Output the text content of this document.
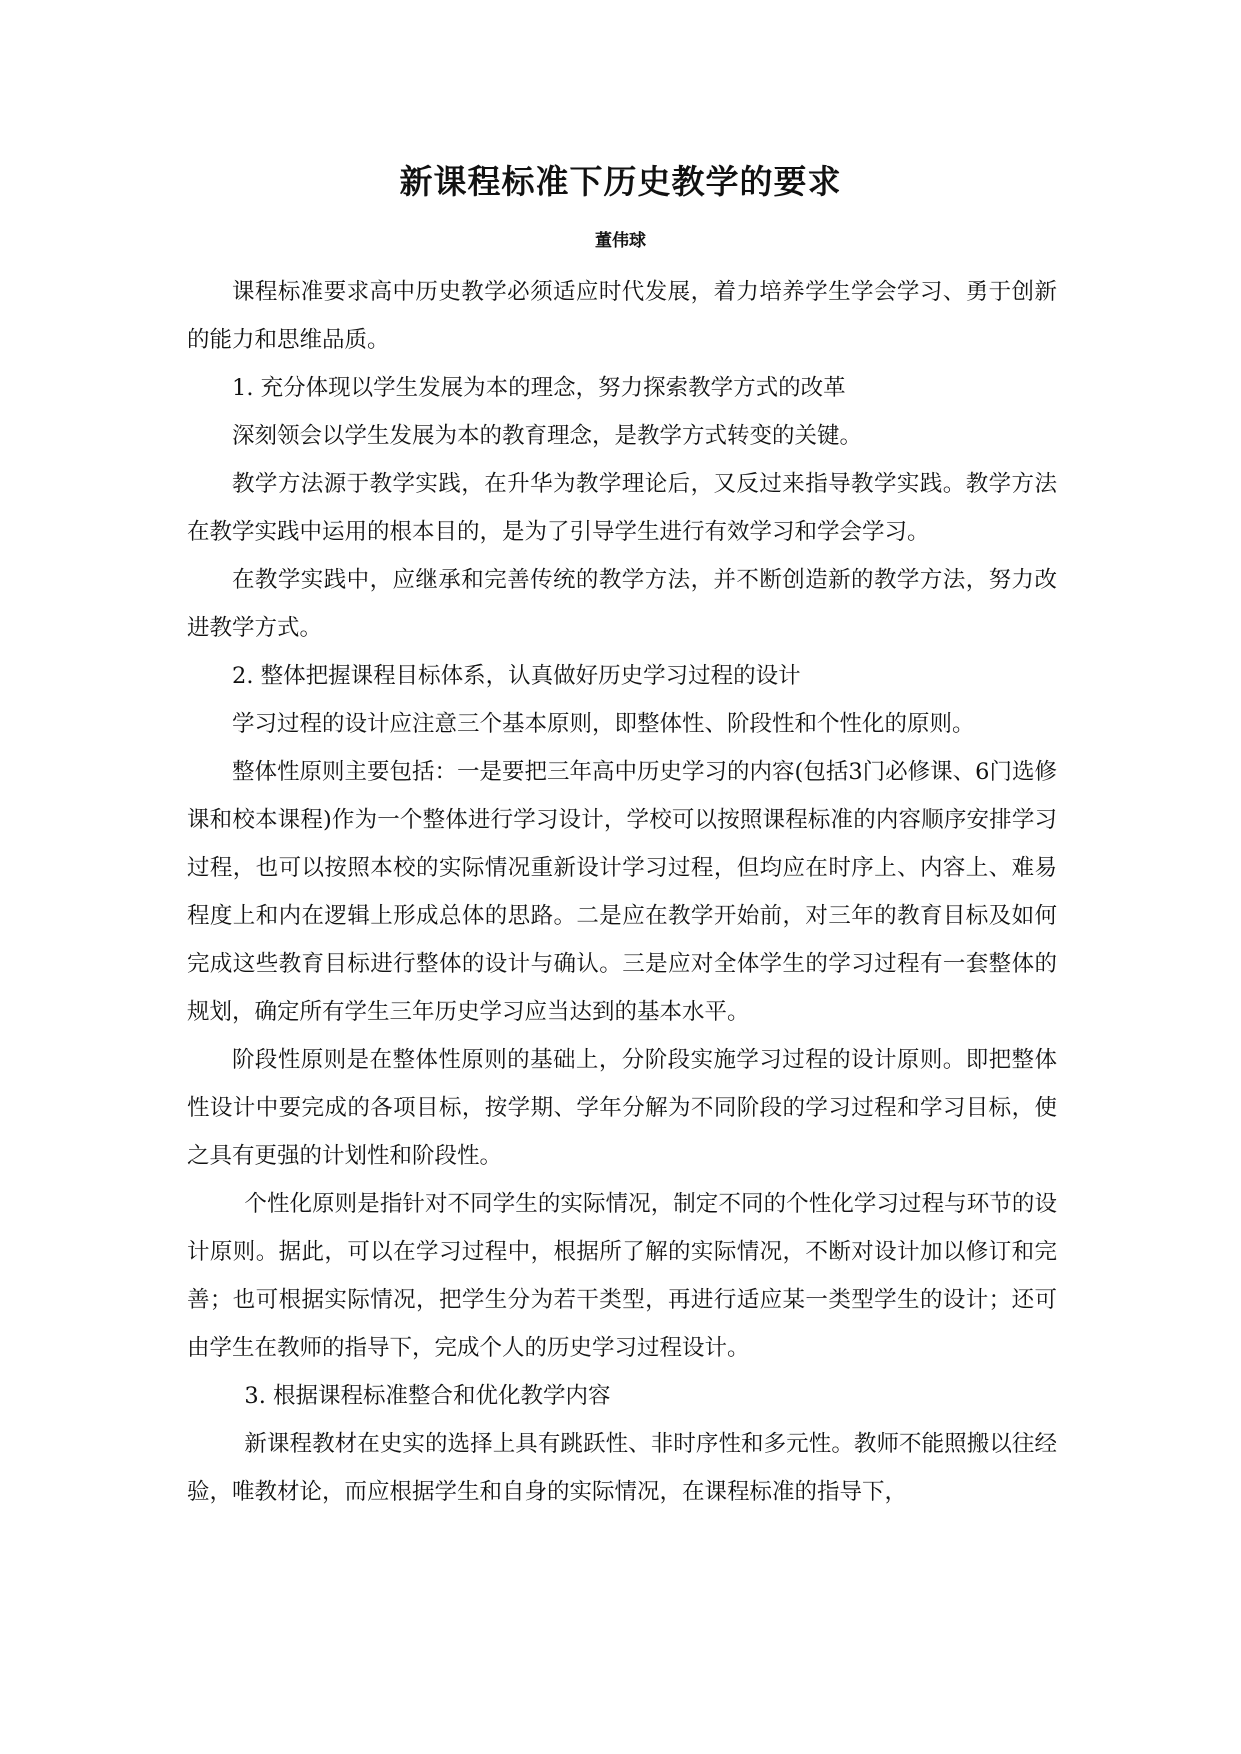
新课程标准下历史教学的要求
董伟球

课程标准要求高中历史教学必须适应时代发展，着力培养学生学会学习、勇于创新的能力和思维品质。

1. 充分体现以学生发展为本的理念，努力探索教学方式的改革

深刻领会以学生发展为本的教育理念，是教学方式转变的关键。

教学方法源于教学实践，在升华为教学理论后，又反过来指导教学实践。教学方法在教学实践中运用的根本目的，是为了引导学生进行有效学习和学会学习。

在教学实践中，应继承和完善传统的教学方法，并不断创造新的教学方法，努力改进教学方式。

2. 整体把握课程目标体系，认真做好历史学习过程的设计

学习过程的设计应注意三个基本原则，即整体性、阶段性和个性化的原则。

整体性原则主要包括：一是要把三年高中历史学习的内容(包括3门必修课、6门选修课和校本课程)作为一个整体进行学习设计，学校可以按照课程标准的内容顺序安排学习过程，也可以按照本校的实际情况重新设计学习过程，但均应在时序上、内容上、难易程度上和内在逻辑上形成总体的思路。二是应在教学开始前，对三年的教育目标及如何完成这些教育目标进行整体的设计与确认。三是应对全体学生的学习过程有一套整体的规划，确定所有学生三年历史学习应当达到的基本水平。

阶段性原则是在整体性原则的基础上，分阶段实施学习过程的设计原则。即把整体性设计中要完成的各项目标，按学期、学年分解为不同阶段的学习过程和学习目标，使之具有更强的计划性和阶段性。

个性化原则是指针对不同学生的实际情况，制定不同的个性化学习过程与环节的设计原则。据此，可以在学习过程中，根据所了解的实际情况，不断对设计加以修订和完善；也可根据实际情况，把学生分为若干类型，再进行适应某一类型学生的设计；还可由学生在教师的指导下，完成个人的历史学习过程设计。

3. 根据课程标准整合和优化教学内容

新课程教材在史实的选择上具有跳跃性、非时序性和多元性。教师不能照搬以往经验，唯教材论，而应根据学生和自身的实际情况，在课程标准的指导下，
